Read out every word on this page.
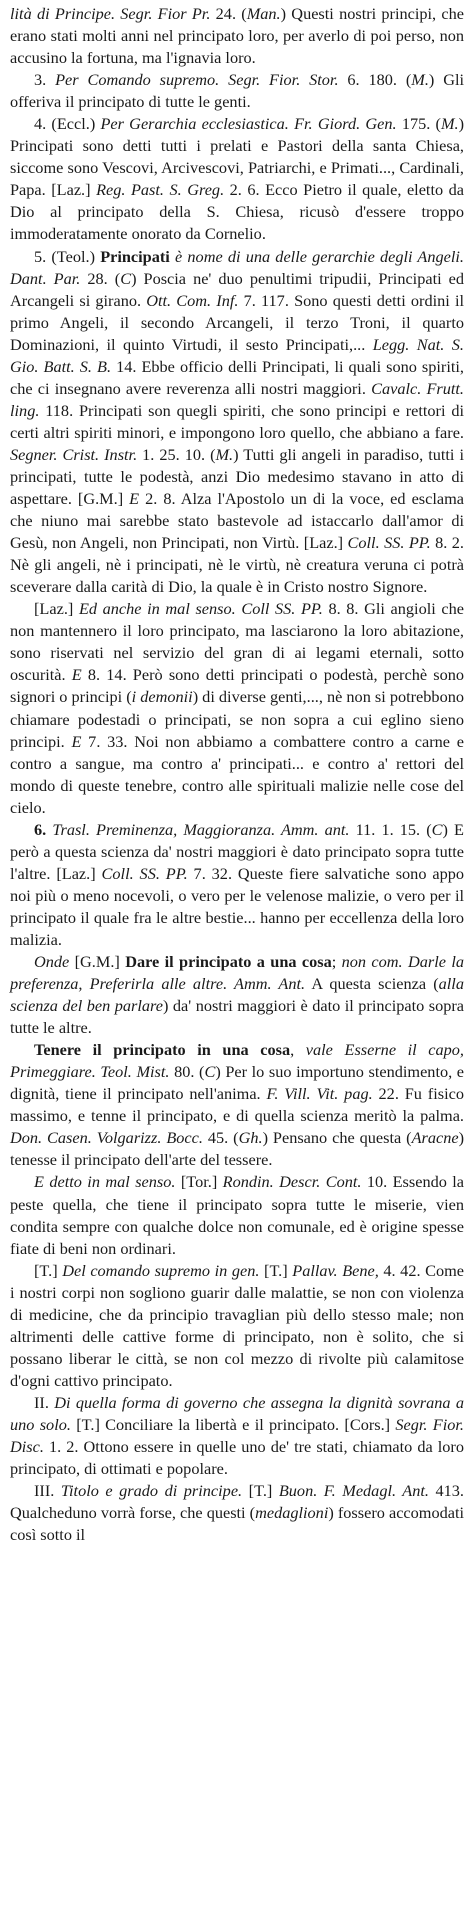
lità di Principe. Segr. Fior Pr. 24. (Man.) Questi nostri principi, che erano stati molti anni nel principato loro, per averlo di poi perso, non accusino la fortuna, ma l'ignavia loro.

3. Per Comando supremo. Segr. Fior. Stor. 6. 180. (M.) Gli offeriva il principato di tutte le genti.

4. (Eccl.) Per Gerarchia ecclesiastica. Fr. Giord. Gen. 175. (M.) Principati sono detti tutti i prelati e Pastori della santa Chiesa, siccome sono Vescovi, Arcivescovi, Patriarchi, e Primati..., Cardinali, Papa. [Laz.] Reg. Past. S. Greg. 2. 6. Ecco Pietro il quale, eletto da Dio al principato della S. Chiesa, ricusò d'essere troppo immoderatamente onorato da Cornelio.

5. (Teol.) Principati è nome di una delle gerarchie degli Angeli. Dant. Par. 28. (C) Poscia ne' duo penultimi tripudii, Principati ed Arcangeli si girano. Ott. Com. Inf. 7. 117. Sono questi detti ordini il primo Angeli, il secondo Arcangeli, il terzo Troni, il quarto Dominazioni, il quinto Virtudi, il sesto Principati,... Legg. Nat. S. Gio. Batt. S. B. 14. Ebbe officio delli Principati, li quali sono spiriti, che ci insegnano avere reverenza alli nostri maggiori. Cavalc. Frutt. ling. 118. Principati son quegli spiriti, che sono principi e rettori di certi altri spiriti minori, e impongono loro quello, che abbiano a fare. Segner. Crist. Instr. 1. 25. 10. (M.) Tutti gli angeli in paradiso, tutti i principati, tutte le podestà, anzi Dio medesimo stavano in atto di aspettare. [G.M.] E 2. 8. Alza l'Apostolo un di la voce, ed esclama che niuno mai sarebbe stato bastevole ad istaccarlo dall'amor di Gesù, non Angeli, non Principati, non Virtù. [Laz.] Coll. SS. PP. 8. 2. Nè gli angeli, nè i principati, nè le virtù, nè creatura veruna ci potrà sceverare dalla carità di Dio, la quale è in Cristo nostro Signore.

[Laz.] Ed anche in mal senso. Coll SS. PP. 8. 8. Gli angioli che non mantennero il loro principato, ma lasciarono la loro abitazione, sono riservati nel servizio del gran di ai legami eternali, sotto oscurità. E 8. 14. Però sono detti principati o podestà, perchè sono signori o principi (i demonii) di diverse genti,..., nè non si potrebbono chiamare podestadi o principati, se non sopra a cui eglino sieno principi. E 7. 33. Noi non abbiamo a combattere contro a carne e contro a sangue, ma contro a' principati... e contro a' rettori del mondo di queste tenebre, contro alle spirituali malizie nelle cose del cielo.

6. Trasl. Preminenza, Maggioranza. Amm. ant. 11. 1. 15. (C) E però a questa scienza da' nostri maggiori è dato principato sopra tutte l'altre. [Laz.] Coll. SS. PP. 7. 32. Queste fiere salvatiche sono appo noi più o meno nocevoli, o vero per le velenose malizie, o vero per il principato il quale fra le altre bestie... hanno per eccellenza della loro malizia.

Onde [G.M.] Dare il principato a una cosa; non com. Darle la preferenza, Preferirla alle altre. Amm. Ant. A questa scienza (alla scienza del ben parlare) da' nostri maggiori è dato il principato sopra tutte le altre.

Tenere il principato in una cosa, vale Esserne il capo, Primeggiare. Teol. Mist. 80. (C) Per lo suo importuno stendimento, e dignità, tiene il principato nell'anima. F. Vill. Vit. pag. 22. Fu fisico massimo, e tenne il principato, e di quella scienza meritò la palma. Don. Casen. Volgarizz. Bocc. 45. (Gh.) Pensano che questa (Aracne) tenesse il principato dell'arte del tessere.

E detto in mal senso. [Tor.] Rondin. Descr. Cont. 10. Essendo la peste quella, che tiene il principato sopra tutte le miserie, vien condita sempre con qualche dolce non comunale, ed è origine spesse fiate di beni non ordinari.

[T.] Del comando supremo in gen. [T.] Pallav. Bene, 4. 42. Come i nostri corpi non sogliono guarir dalle malattie, se non con violenza di medicine, che da principio travaglian più dello stesso male; non altrimenti delle cattive forme di principato, non è solito, che si possano liberar le città, se non col mezzo di rivolte più calamitose d'ogni cattivo principato.

II. Di quella forma di governo che assegna la dignità sovrana a uno solo. [T.] Conciliare la libertà e il principato. [Cors.] Segr. Fior. Disc. 1. 2. Ottono essere in quelle uno de' tre stati, chiamato da loro principato, di ottimati e popolare.

III. Titolo e grado di principe. [T.] Buon. F. Medagl. Ant. 413. Qualcheduno vorrà forse, che questi (medaglioni) fossero accomodati così sotto il
